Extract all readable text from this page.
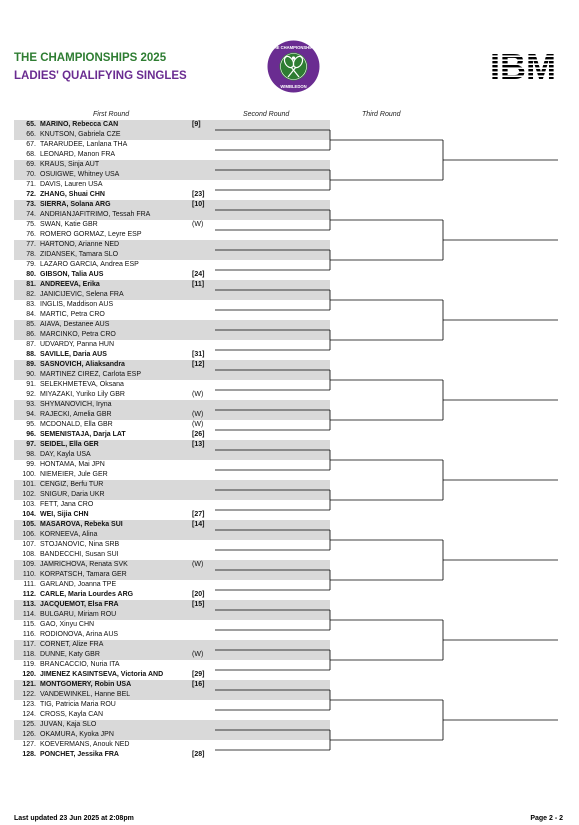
THE CHAMPIONSHIPS 2025
LADIES' QUALIFYING SINGLES
THE CHAMPIONSHIPS
WIMBLEDON
First Round	Second Round	Third Round
65. MARINO, Rebecca CAN	[9]
66. KNUTSON, Gabriela CZE
67. TARARUDEE, Lanlana THA
68. LEONARD, Manon FRA
69. KRAUS, Sinja AUT
70. OSUIGWE, Whitney USA
71. DAVIS, Lauren USA
72. ZHANG, Shuai CHN	[23]
73. SIERRA, Solana ARG	[10]
74. ANDRIANJAFITRIMO, Tessah FRA
75. SWAN, Katie GBR	(W)
76. ROMERO GORMAZ, Leyre ESP
77. HARTONO, Arianne NED
78. ZIDANSEK, Tamara SLO
79. LAZARO GARCIA, Andrea ESP
80. GIBSON, Talia AUS	[24]
81. ANDREEVA, Erika	[11]
82. JANICIJEVIC, Selena FRA
83. INGLIS, Maddison AUS
84. MARTIC, Petra CRO
85. AIAVA, Destanee AUS
86. MARCINKO, Petra CRO
87. UDVARDY, Panna HUN
88. SAVILLE, Daria AUS	[31]
89. SASNOVICH, Aliaksandra	[12]
90. MARTINEZ CIREZ, Carlota ESP
91. SELEKHMETEVA, Oksana
92. MIYAZAKI, Yuriko Lily GBR	(W)
93. SHYMANOVICH, Iryna
94. RAJECKI, Amelia GBR	(W)
95. MCDONALD, Ella GBR	(W)
96. SEMENISTAJA, Darja LAT	[26]
97. SEIDEL, Ella GER	[13]
98. DAY, Kayla USA
99. HONTAMA, Mai JPN
100. NIEMEIER, Jule GER
101. CENGIZ, Berfu TUR
102. SNIGUR, Daria UKR
103. FETT, Jana CRO
104. WEI, Sijia CHN	[27]
105. MASAROVA, Rebeka SUI	[14]
106. KORNEEVA, Alina
107. STOJANOVIC, Nina SRB
108. BANDECCHI, Susan SUI
109. JAMRICHOVA, Renata SVK	(W)
110. KORPATSCH, Tamara GER
111. GARLAND, Joanna TPE
112. CARLE, Maria Lourdes ARG	[20]
113. JACQUEMOT, Elsa FRA	[15]
114. BULGARU, Miriam ROU
115. GAO, Xinyu CHN
116. RODIONOVA, Arina AUS
117. CORNET, Alize FRA
118. DUNNE, Katy GBR	(W)
119. BRANCACCIO, Nuria ITA
120. JIMENEZ KASINTSEVA, Victoria AND	[29]
121. MONTGOMERY, Robin USA	[16]
122. VANDEWINKEL, Hanne BEL
123. TIG, Patricia Maria ROU
124. CROSS, Kayla CAN
125. JUVAN, Kaja SLO
126. OKAMURA, Kyoka JPN
127. KOEVERMANS, Anouk NED
128. PONCHET, Jessika FRA	[28]
Last updated 23 Jun 2025 at 2:08pm	Page 2 - 2
